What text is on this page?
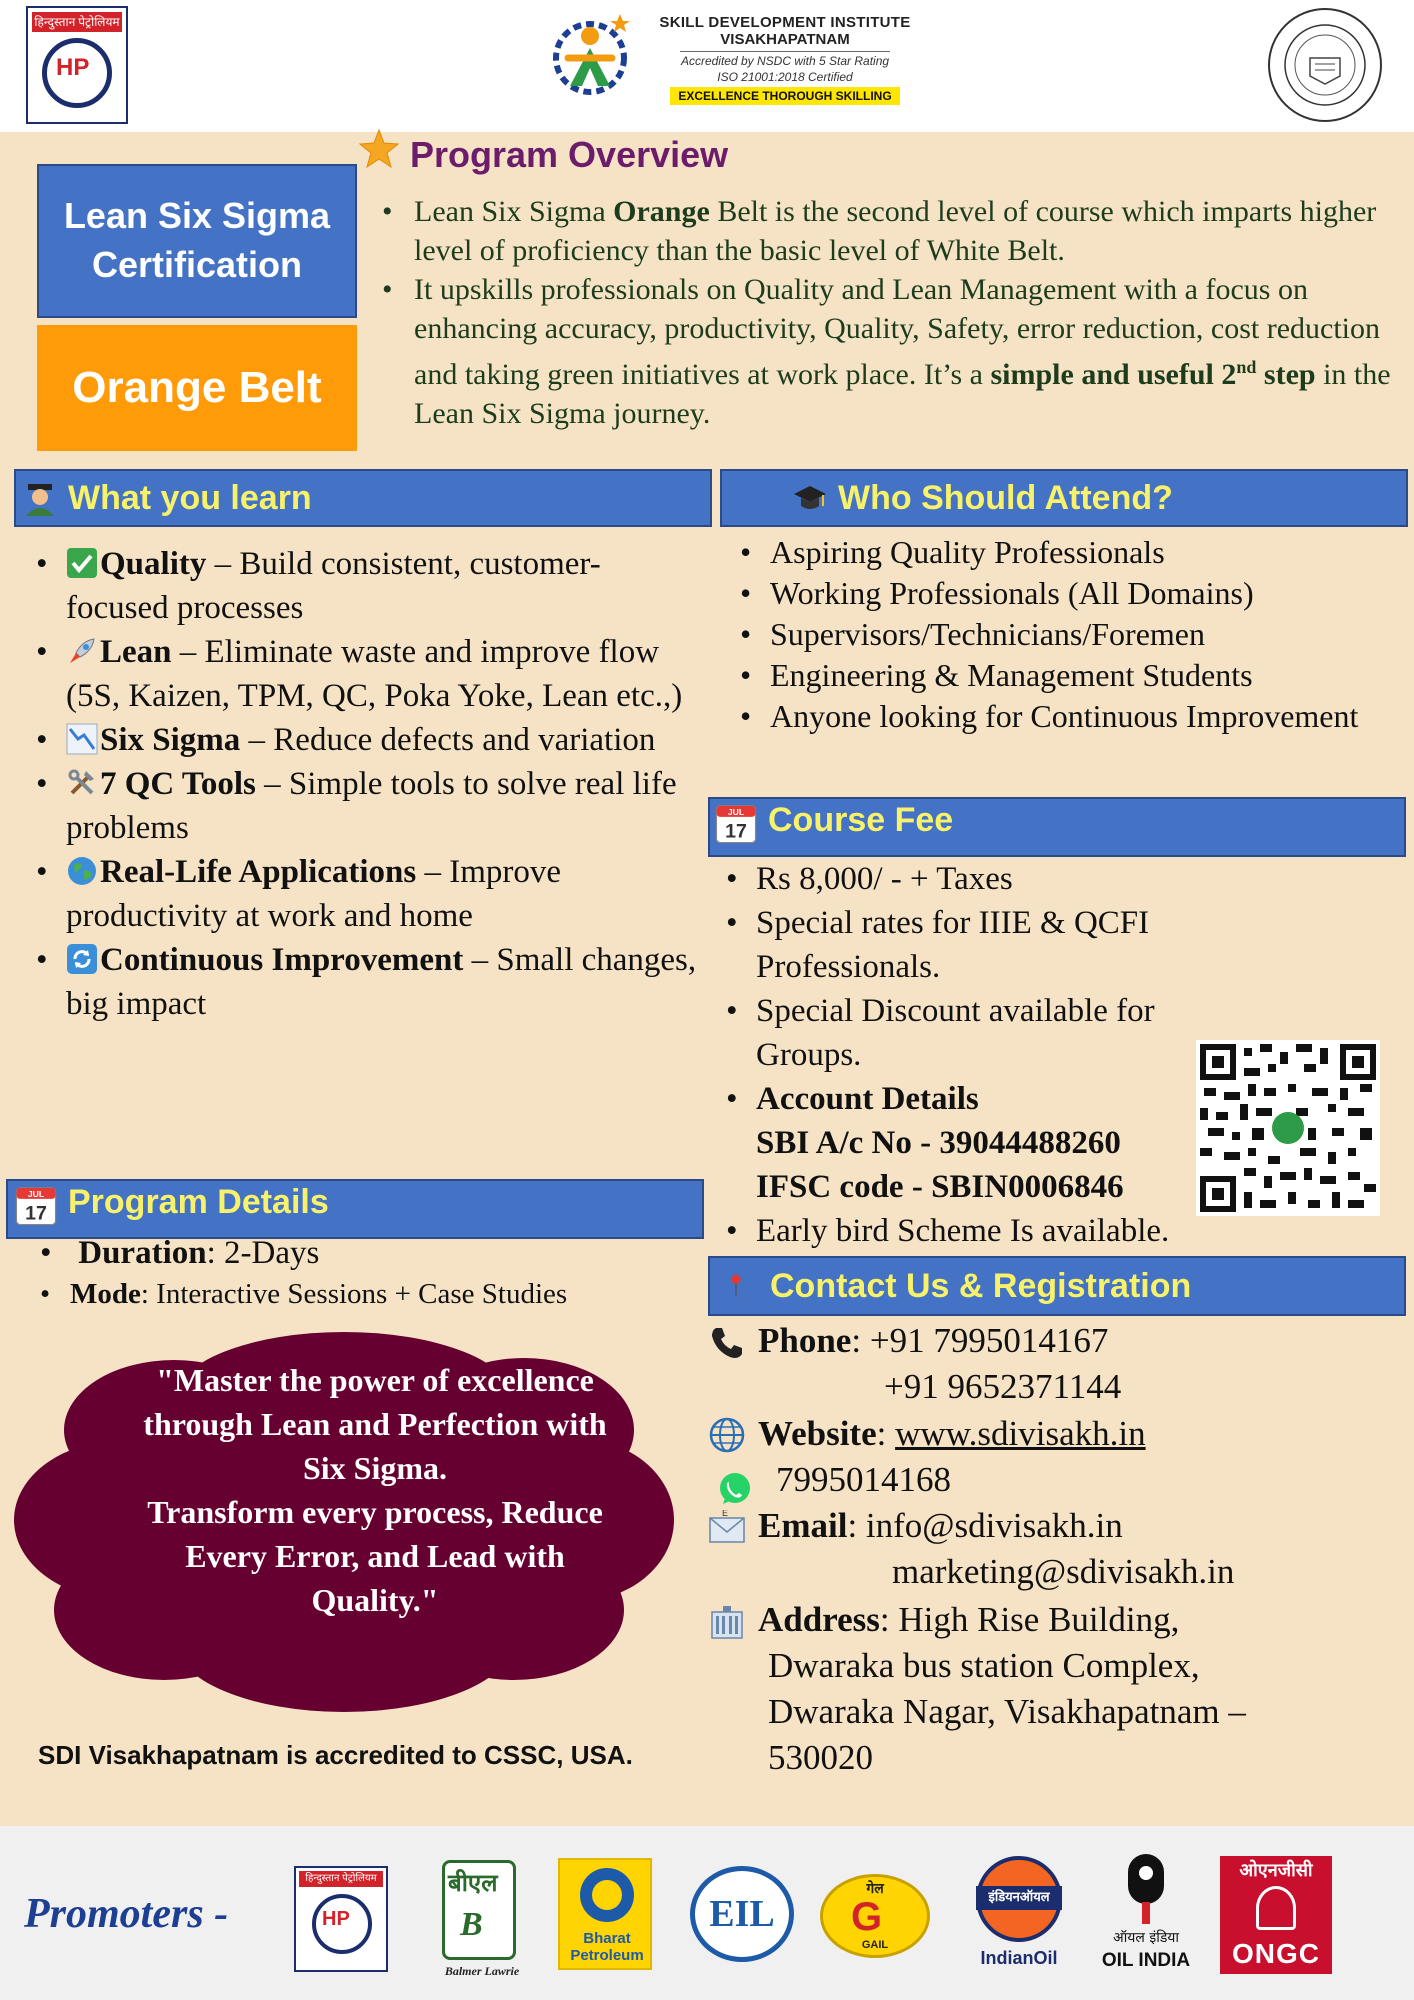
हिन्दुस्तान पेट्रोलियम
HP
SKILL DEVELOPMENT INSTITUTE
VISAKHAPATNAM
Accredited by NSDC with 5 Star Rating
ISO 21001:2018 Certified
EXCELLENCE THOROUGH SKILLING
Lean Six Sigma
Certification
Orange Belt
Program Overview
• Lean Six Sigma Orange Belt is the second level of course which imparts higher level of proficiency than the basic level of White Belt.
• It upskills professionals on Quality and Lean Management with a focus on enhancing accuracy, productivity, Quality, Safety, error reduction, cost reduction and taking green initiatives at work place. It’s a simple and useful 2nd step in the Lean Six Sigma journey.
What you learn
• Quality – Build consistent, customer-focused processes
• Lean – Eliminate waste and improve flow (5S, Kaizen, TPM, QC, Poka Yoke, Lean etc.,)
• Six Sigma – Reduce defects and variation
• 7 QC Tools – Simple tools to solve real life problems
• Real-Life Applications – Improve productivity at work and home
• Continuous Improvement – Small changes, big impact
Who Should Attend?
• Aspiring Quality Professionals
• Working Professionals (All Domains)
• Supervisors/Technicians/Foremen
• Engineering & Management Students
• Anyone looking for Continuous Improvement
JUL
17 Course Fee
• Rs 8,000/ - + Taxes
• Special rates for IIIE & QCFI Professionals.
• Special Discount available for Groups.
• Account Details
SBI A/c No - 39044488260
IFSC code - SBIN0006846
• Early bird Scheme Is available.
JUL
17 Program Details
• Duration: 2-Days
• Mode: Interactive Sessions + Case Studies
"Master the power of excellence
through Lean and Perfection with
Six Sigma.
Transform every process, Reduce
Every Error, and Lead with
Quality."
SDI Visakhapatnam is accredited to CSSC, USA.
Contact Us & Registration
Phone: +91 7995014167
+91 9652371144
Website: www.sdivisakh.in
7995014168
E Email: info@sdivisakh.in
marketing@sdivisakh.in
Address: High Rise Building,
Dwaraka bus station Complex,
Dwaraka Nagar, Visakhapatnam –
530020
Promoters -
हिन्दुस्तान पेट्रोलियम
HP
बीएल
B
Balmer Lawrie
Bharat
Petroleum
EIL
गेल
G
GAIL
इंडियनऑयल
IndianOil
ऑयल इंडिया
OIL INDIA
ओएनजीसी
ONGC
